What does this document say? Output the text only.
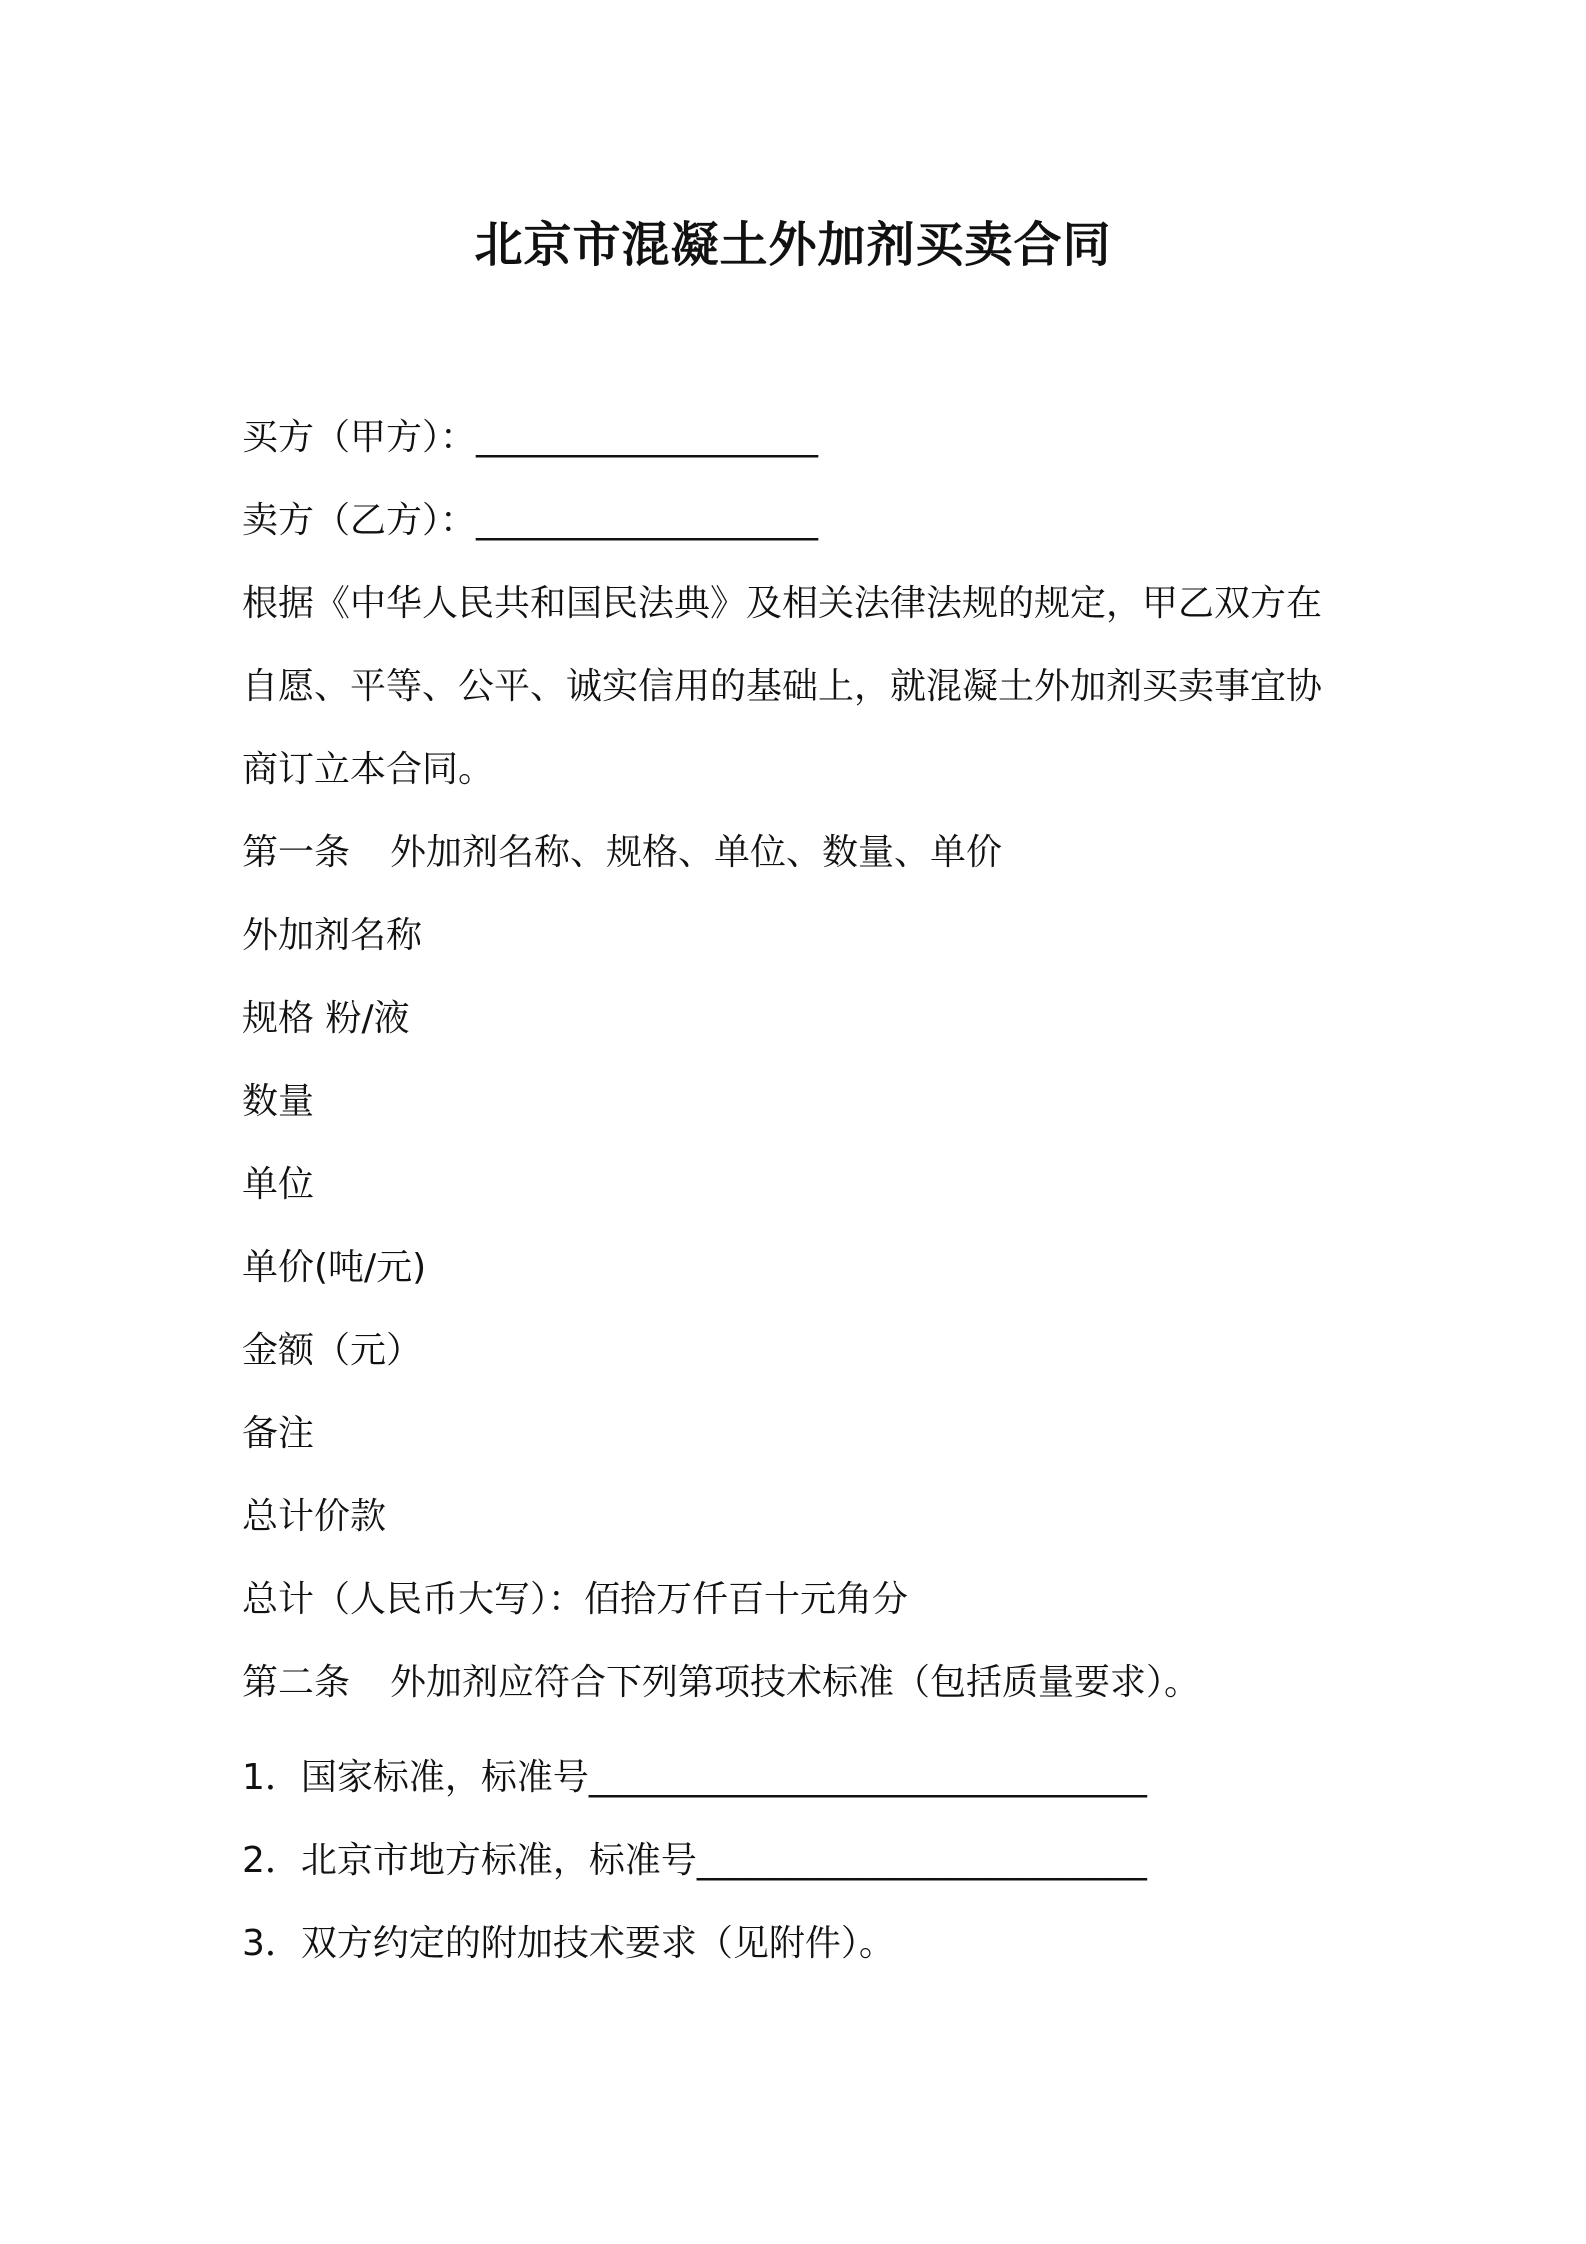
北京市混凝土外加剂买卖合同
买方（甲方）：___________________
卖方（乙方）：___________________
根据《中华人民共和国民法典》及相关法律法规的规定，甲乙双方在
自愿、平等、公平、诚实信用的基础上，就混凝土外加剂买卖事宜协
商订立本合同。
第一条 外加剂名称、规格、单位、数量、单价
外加剂名称
规格 粉/液
数量
单位
单价(吨/元)
金额（元）
备注
总计价款
总计（人民币大写）：佰拾万仟百十元角分
第二条 外加剂应符合下列第项技术标准（包括质量要求）。
1．国家标准，标准号_______________________________
2．北京市地方标准，标准号_________________________
3．双方约定的附加技术要求（见附件）。
